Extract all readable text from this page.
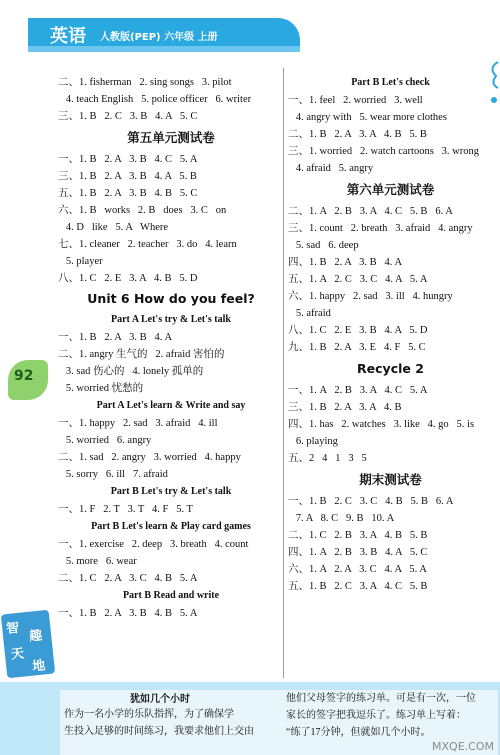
英语 人教版(PEP) 六年级 上册
二、1. fisherman   2. sing songs   3. pilot
4. teach English   5. police officer   6. writer
三、1. B   2. C   3. B   4. A   5. C
第五单元测试卷
一、1. B   2. A   3. B   4. C   5. A
三、1. B   2. A   3. B   4. A   5. B
五、1. B   2. A   3. B   4. B   5. C
六、1. B   works   2. B   does   3. C   on
4. D   like   5. A   Where
七、1. cleaner   2. teacher   3. do   4. learn
5. player
八、1. C   2. E   3. A   4. B   5. D
Unit 6 How do you feel?
Part A Let's try & Let's talk
一、1. B   2. A   3. B   4. A
二、1. angry 生气的   2. afraid 害怕的
3. sad 伤心的   4. lonely 孤单的
5. worried 忧愁的
Part A Let's learn & Write and say
一、1. happy   2. sad   3. afraid   4. ill
5. worried   6. angry
二、1. sad   2. angry   3. worried   4. happy
5. sorry   6. ill   7. afraid
Part B Let's try & Let's talk
一、1. F   2. T   3. T   4. F   5. T
Part B Let's learn & Play card games
一、1. exercise   2. deep   3. breath   4. count
5. more   6. wear
二、1. C   2. A   3. C   4. B   5. A
Part B Read and write
一、1. B   2. A   3. B   4. B   5. A
Part B Let's check
一、1. feel   2. worried   3. well
4. angry with   5. wear more clothes
二、1. B   2. A   3. A   4. B   5. B
三、1. worried   2. watch cartoons   3. wrong
4. afraid   5. angry
第六单元测试卷
二、1. A   2. B   3. A   4. C   5. B   6. A
三、1. count   2. breath   3. afraid   4. angry
5. sad   6. deep
四、1. B   2. A   3. B   4. A
五、1. A   2. C   3. C   4. A   5. A
六、1. happy   2. sad   3. ill   4. hungry
5. afraid
八、1. C   2. E   3. B   4. A   5. D
九、1. B   2. A   3. E   4. F   5. C
Recycle 2
一、1. A   2. B   3. A   4. C   5. A
三、1. B   2. A   3. A   4. B
四、1. has   2. watches   3. like   4. go   5. is
6. playing
五、2   4   1   3   5
期末测试卷
一、1. B   2. C   3. C   4. B   5. B   6. A
7. A   8. C   9. B   10. A
二、1. C   2. B   3. A   4. B   5. B
四、1. A   2. B   3. B   4. A   5. C
六、1. A   2. A   3. C   4. A   5. A
五、1. B   2. C   3. A   4. C   5. B
92
智 趣
天
地
犹如几个小时
作为一名小学的乐队指挥，为了确保学
生投入足够的时间练习，我要求他们上交由
他们父母签字的练习单。可是有一次，一位
家长的签字把我逗乐了。练习单上写着：
“练了17分钟，但就如几个小时。
MXQE.COM
